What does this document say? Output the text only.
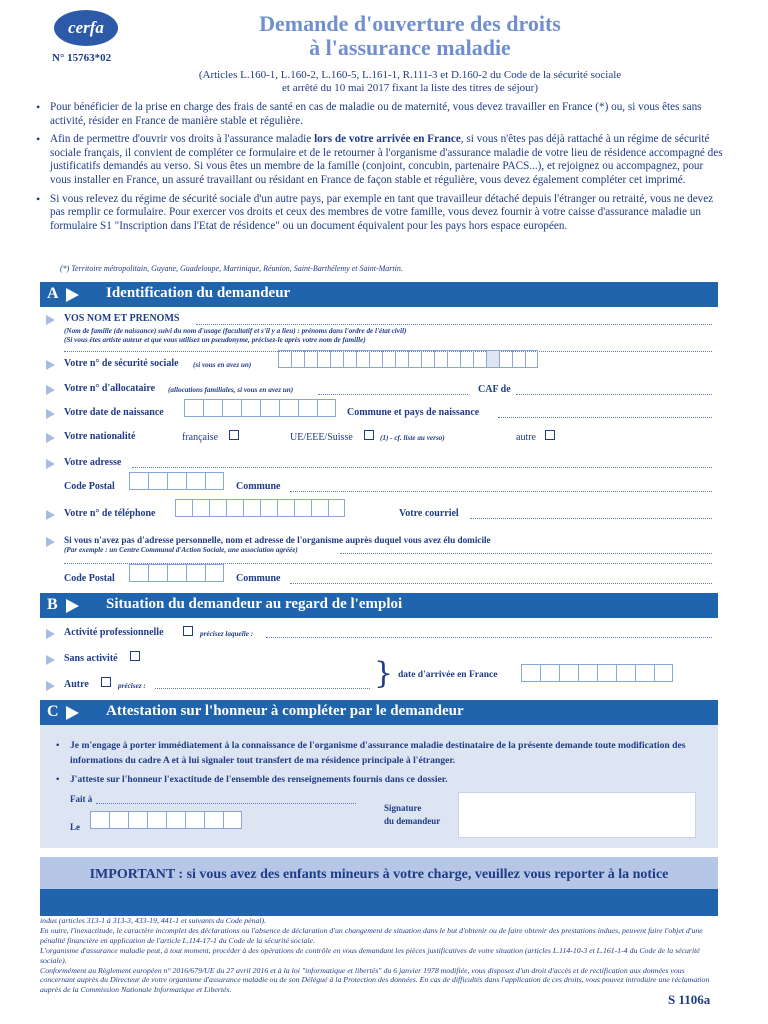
cerfa
N° 15763*02
Demande d'ouverture des droits
à l'assurance maladie
(Articles L.160-1, L.160-2, L.160-5, L.161-1, R.111-3 et D.160-2 du Code de la sécurité sociale
et arrêté du 10 mai 2017 fixant la liste des titres de séjour)
• Pour bénéficier de la prise en charge des frais de santé en cas de maladie ou de maternité, vous devez travailler en France (*) ou, si vous êtes sans activité, résider en France de manière stable et régulière.
• Afin de permettre d'ouvrir vos droits à l'assurance maladie lors de votre arrivée en France, si vous n'êtes pas déjà rattaché à un régime de sécurité sociale français, il convient de compléter ce formulaire et de le retourner à l'organisme d'assurance maladie de votre lieu de résidence accompagné des justificatifs demandés au verso. Si vous êtes un membre de la famille (conjoint, concubin, partenaire PACS...), et rejoignez ou accompagnez, pour vous installer en France, un assuré travaillant ou résidant en France de façon stable et régulière, vous devez également compléter cet imprimé.
• Si vous relevez du régime de sécurité sociale d'un autre pays, par exemple en tant que travailleur détaché depuis l'étranger ou retraité, vous ne devez pas remplir ce formulaire. Pour exercer vos droits et ceux des membres de votre famille, vous devez fournir à votre caisse d'assurance maladie un formulaire S1 "Inscription dans l'Etat de résidence" ou un document équivalent pour les pays hors espace européen.
(*) Territoire métropolitain, Guyane, Guadeloupe, Martinique, Réunion, Saint-Barthélemy et Saint-Martin.
A	Identification du demandeur
VOS NOM ET PRENOMS
(Nom de famille (de naissance) suivi du nom d'usage (facultatif et s'il y a lieu) : prénoms dans l'ordre de l'état civil)
(Si vous êtes artiste auteur et que vous utilisez un pseudonyme, précisez-le après votre nom de famille)
Votre n° de sécurité sociale (si vous en avez un)
Votre n° d'allocataire (allocations familiales, si vous en avez un)	CAF de
Votre date de naissance	Commune et pays de naissance
Votre nationalité	française	UE/EEE/Suisse	(1) - cf. liste au verso)	autre
Votre adresse
Code Postal	Commune
Votre n° de téléphone	Votre courriel
Si vous n'avez pas d'adresse personnelle, nom et adresse de l'organisme auprès duquel vous avez élu domicile
(Par exemple : un Centre Communal d'Action Sociale, une association agréée)
Code Postal	Commune
B	Situation du demandeur au regard de l'emploi
Activité professionnelle	précisez laquelle :
Sans activité
Autre	précisez :	} date d'arrivée en France
C	Attestation sur l'honneur à compléter par le demandeur
• Je m'engage à porter immédiatement à la connaissance de l'organisme d'assurance maladie destinataire de la présente demande toute modification des informations du cadre A et à lui signaler tout transfert de ma résidence principale à l'étranger.
• J'atteste sur l'honneur l'exactitude de l'ensemble des renseignements fournis dans ce dossier.
Fait à
Le
Signature
du demandeur
IMPORTANT : si vous avez des enfants mineurs à votre charge, veuillez vous reporter à la notice

indus (articles 313-1 à 313-3, 433-19, 441-1 et suivants du Code pénal).

En outre, l'inexactitude, le caractère incomplet des déclarations ou l'absence de déclaration d'un changement de situation dans le but d'obtenir ou de faire obtenir des prestations indues, peuvent faire l'objet d'une pénalité financière en application de l'article L.114-17-1 du Code de la sécurité sociale.

L'organisme d'assurance maladie peut, à tout moment, procéder à des opérations de contrôle en vous demandant les pièces justificatives de votre situation (articles L.114-10-3 et L.161-1-4 du Code de la sécurité sociale).

Conformément au Règlement européen n° 2016/679/UE du 27 avril 2016 et à la loi "informatique et libertés" du 6 janvier 1978 modifiée, vous disposez d'un droit d'accès et de rectification aux données vous concernant auprès du Directeur de votre organisme d'assurance maladie ou de son Délégué à la Protection des données. En cas de difficultés dans l'application de ces droits, vous pouvez introduire une réclamation auprès de la Commission Nationale Informatique et Libertés.

S 1106a
